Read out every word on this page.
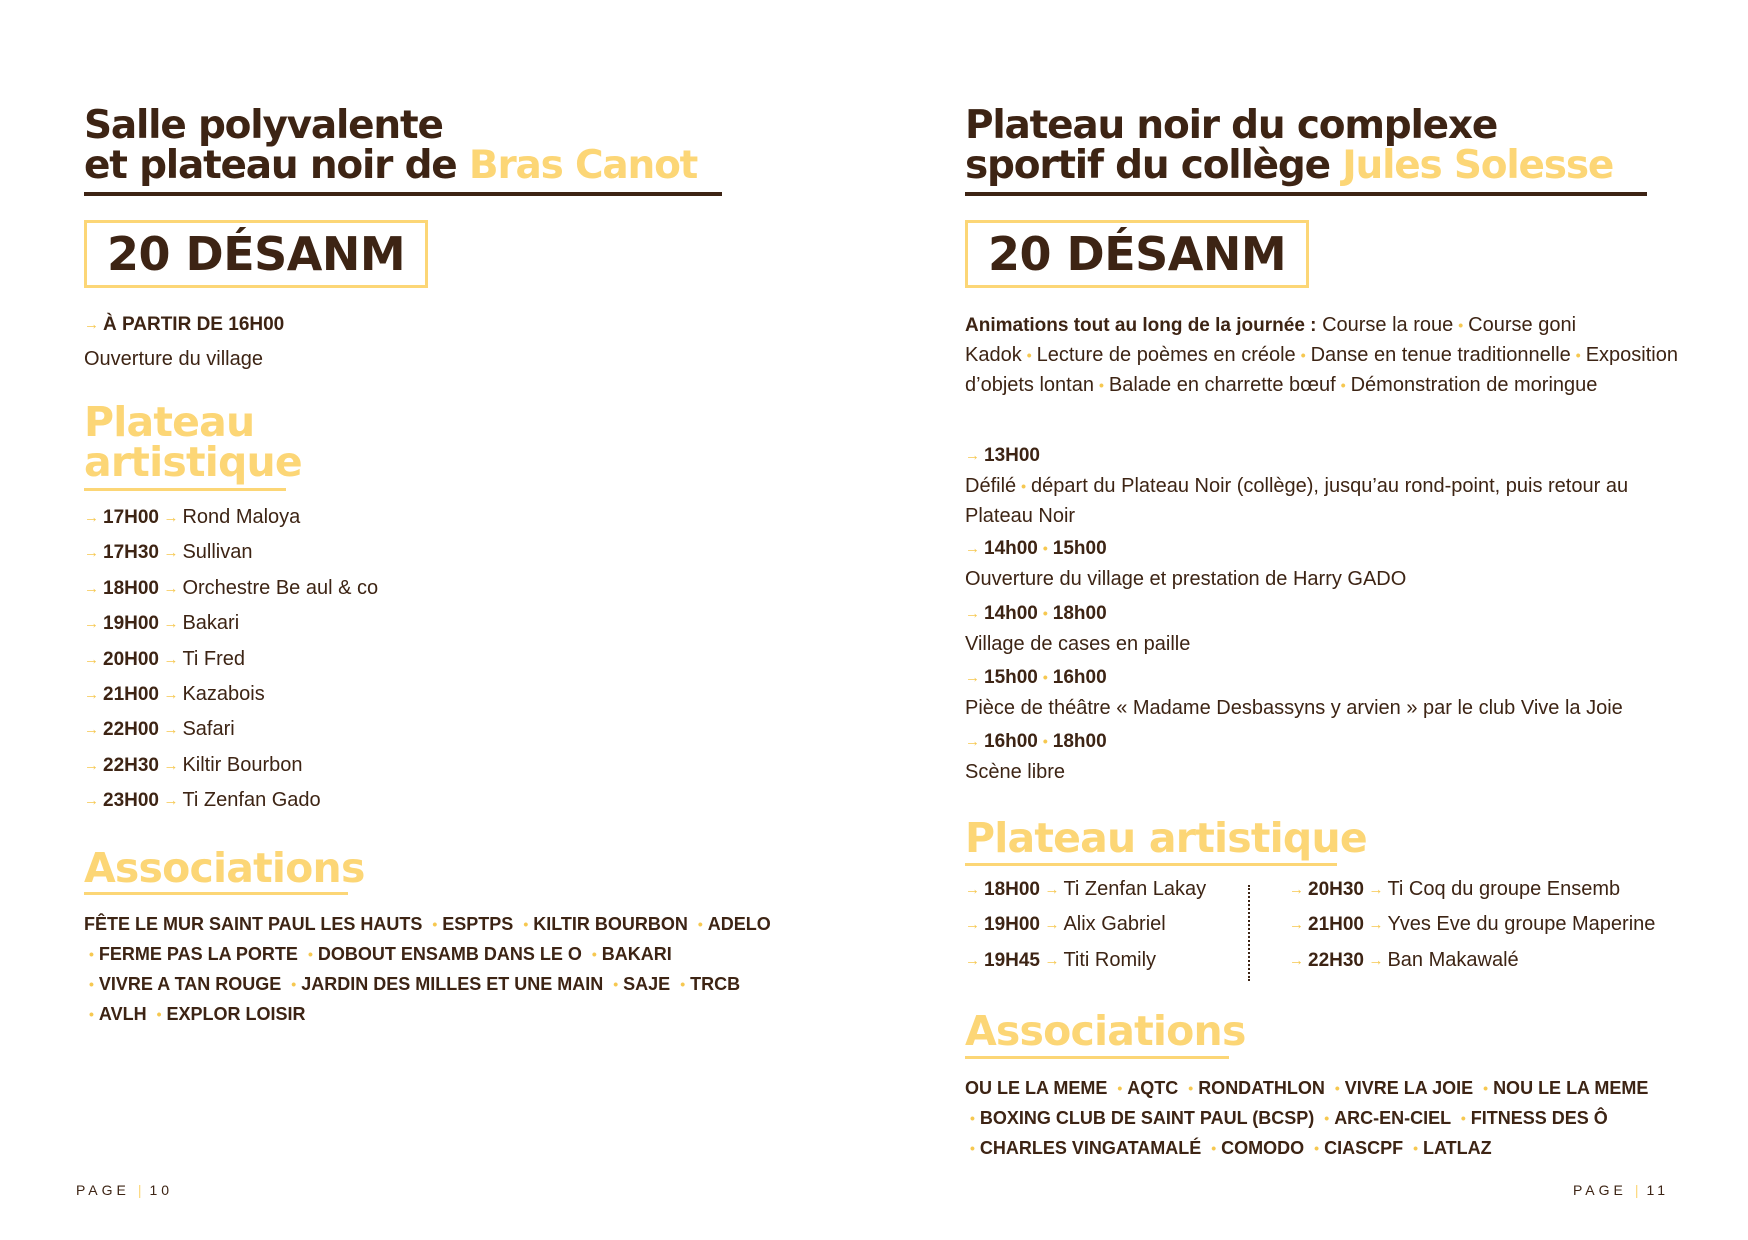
Salle polyvalente
et plateau noir de Bras Canot
20 DÉSANM
→ À PARTIR DE 16H00
Ouverture du village
Plateau
artistique
→ 17H00 → Rond Maloya
→ 17H30 → Sullivan
→ 18H00 → Orchestre Be aul & co
→ 19H00 → Bakari
→ 20H00 → Ti Fred
→ 21H00 → Kazabois
→ 22H00 → Safari
→ 22H30 → Kiltir Bourbon
→ 23H00 → Ti Zenfan Gado
Associations
FÊTE LE MUR SAINT PAUL LES HAUTS • ESPTPS • KILTIR BOURBON • ADELO • FERME PAS LA PORTE • DOBOUT ENSAMB DANS LE O • BAKARI • VIVRE A TAN ROUGE • JARDIN DES MILLES ET UNE MAIN • SAJE • TRCB • AVLH • EXPLOR LOISIR
PAGE | 10
Plateau noir du complexe
sportif du collège Jules Solesse
20 DÉSANM
Animations tout au long de la journée : Course la roue • Course goni Kadok • Lecture de poèmes en créole • Danse en tenue traditionnelle • Exposition d’objets lontan • Balade en charrette bœuf • Démonstration de moringue
→ 13H00
Défilé • départ du Plateau Noir (collège), jusqu’au rond-point, puis retour au Plateau Noir
→ 14h00 • 15h00
Ouverture du village et prestation de Harry GADO
→ 14h00 • 18h00
Village de cases en paille
→ 15h00 • 16h00
Pièce de théâtre « Madame Desbassyns y arvien » par le club Vive la Joie
→ 16h00 • 18h00
Scène libre
Plateau artistique
→ 18H00 → Ti Zenfan Lakay
→ 19H00 → Alix Gabriel
→ 19H45 → Titi Romily
→ 20H30 → Ti Coq du groupe Ensemb
→ 21H00 → Yves Eve du groupe Maperine
→ 22H30 → Ban Makawalé
Associations
OU LE LA MEME • AQTC • RONDATHLON • VIVRE LA JOIE • NOU LE LA MEME • BOXING CLUB DE SAINT PAUL (BCSP) • ARC-EN-CIEL • FITNESS DES Ô • CHARLES VINGATAMALÉ • COMODO • CIASCPF • LATLAZ
PAGE | 11
